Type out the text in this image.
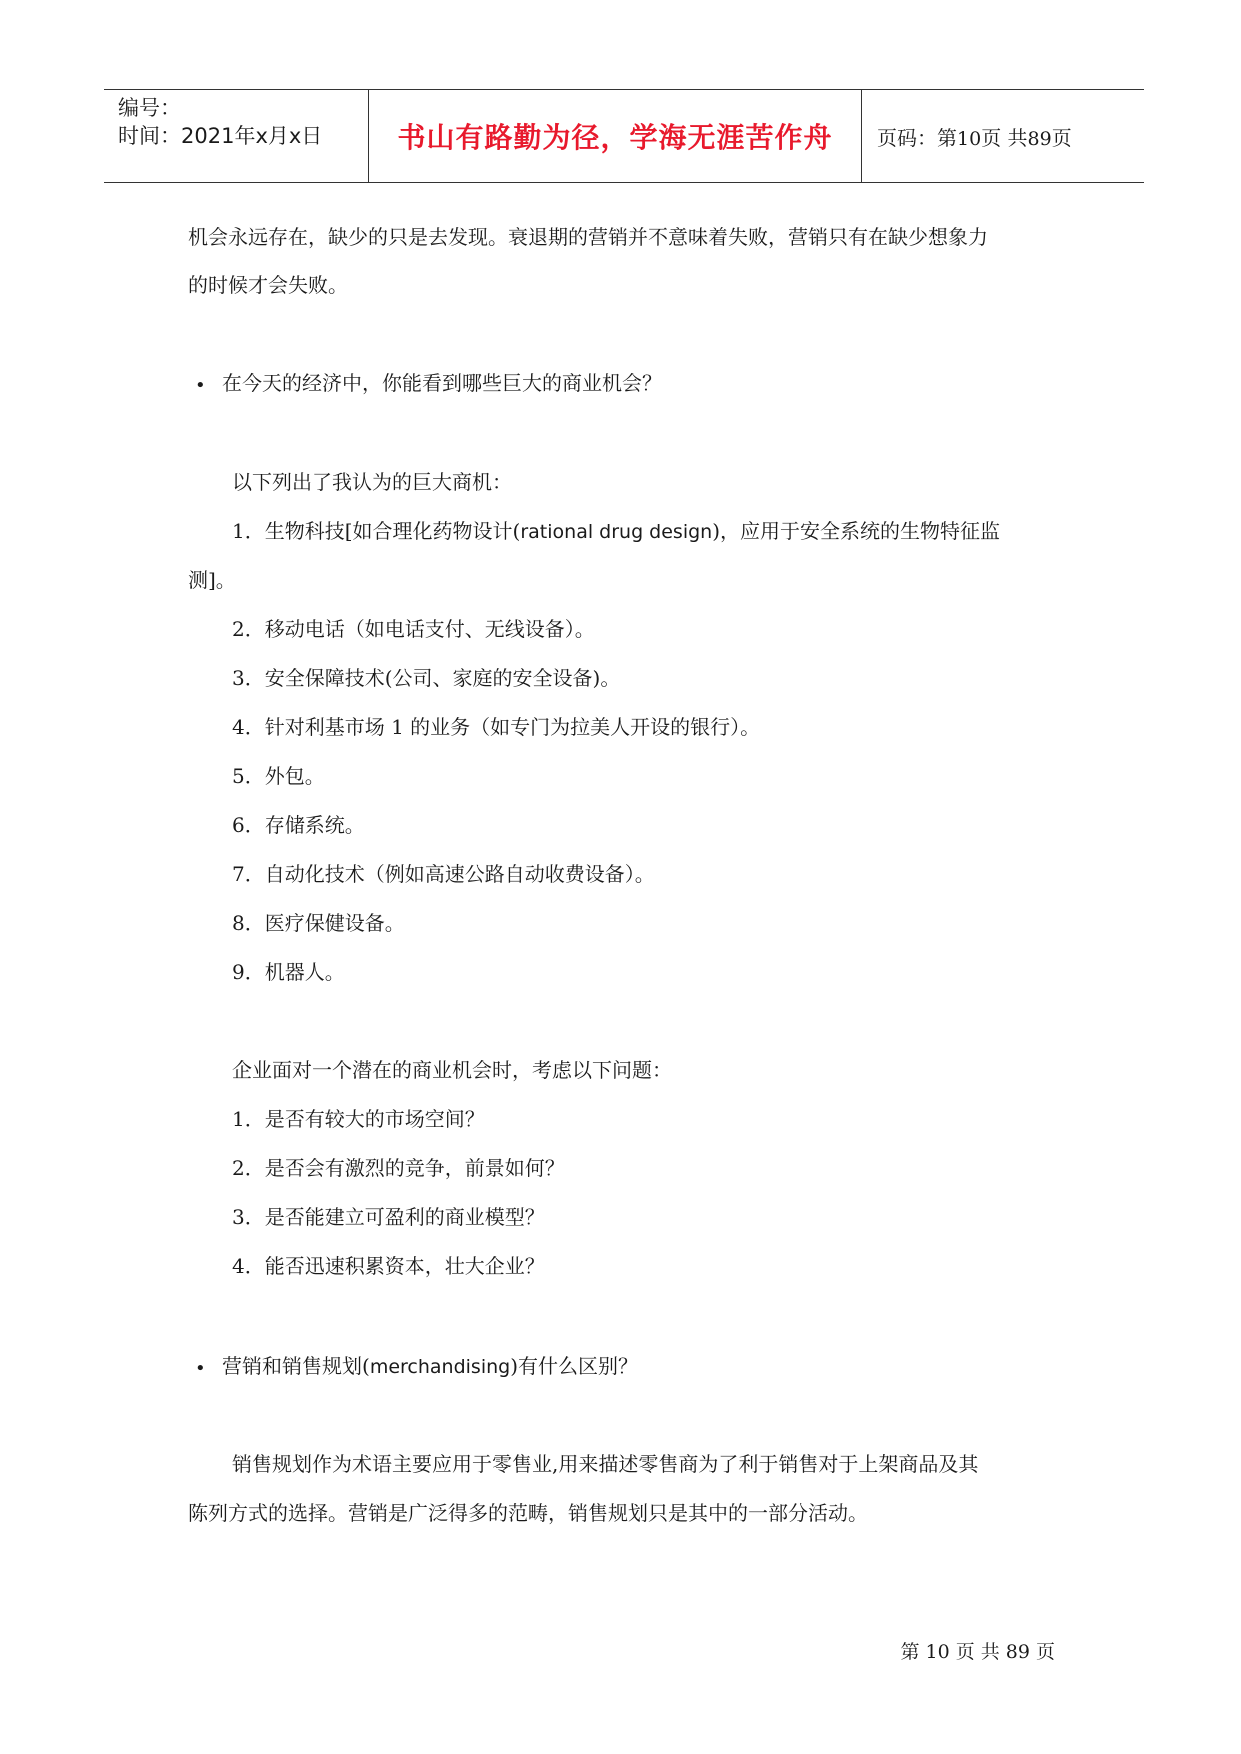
编号：
时间：2021年x月x日	书山有路勤为径，学海无涯苦作舟 页码：第10页 共89页
机会永远存在，缺少的只是去发现。衰退期的营销并不意味着失败，营销只有在缺少想象力
的时候才会失败。
• 在今天的经济中，你能看到哪些巨大的商业机会？
以下列出了我认为的巨大商机：
1．生物科技[如合理化药物设计(rational drug design)，应用于安全系统的生物特征监
测]。
2．移动电话（如电话支付、无线设备）。
3．安全保障技术(公司、家庭的安全设备)。
4．针对利基市场 1 的业务（如专门为拉美人开设的银行）。
5．外包。
6．存储系统。
7．自动化技术（例如高速公路自动收费设备）。
8．医疗保健设备。
9．机器人。
企业面对一个潜在的商业机会时，考虑以下问题：
1．是否有较大的市场空间？
2．是否会有激烈的竞争，前景如何？
3．是否能建立可盈利的商业模型？
4．能否迅速积累资本，壮大企业？
• 营销和销售规划(merchandising)有什么区别？
销售规划作为术语主要应用于零售业,用来描述零售商为了利于销售对于上架商品及其
陈列方式的选择。营销是广泛得多的范畴，销售规划只是其中的一部分活动。
第 10 页 共 89 页
